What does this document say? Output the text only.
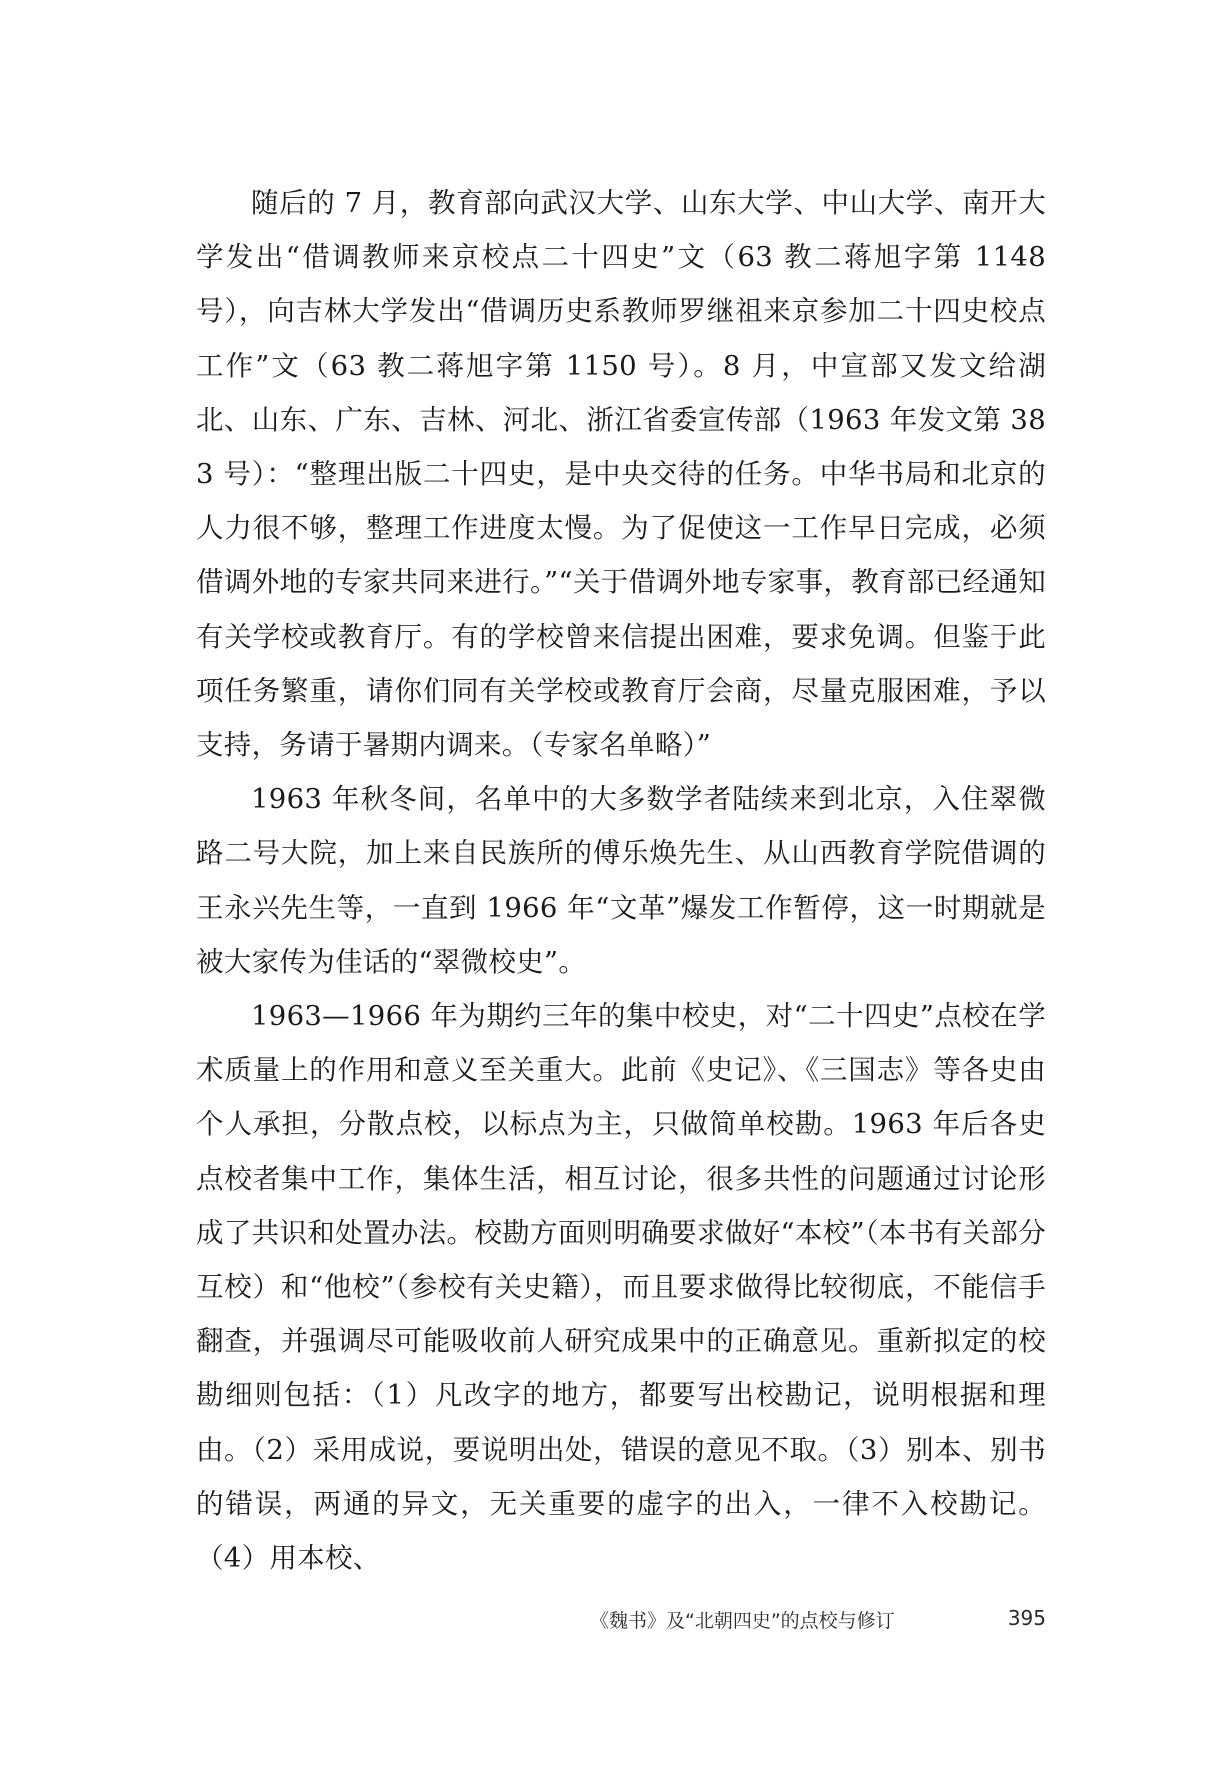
随后的 7 月，教育部向武汉大学、山东大学、中山大学、南开大学发出“借调教师来京校点二十四史”文（63 教二蒋旭字第 1148 号），向吉林大学发出“借调历史系教师罗继祖来京参加二十四史校点工作”文（63 教二蒋旭字第 1150 号）。8 月，中宣部又发文给湖北、山东、广东、吉林、河北、浙江省委宣传部（1963 年发文第 383 号）：“整理出版二十四史，是中央交待的任务。中华书局和北京的人力很不够，整理工作进度太慢。为了促使这一工作早日完成，必须借调外地的专家共同来进行。”“关于借调外地专家事，教育部已经通知有关学校或教育厅。有的学校曾来信提出困难，要求免调。但鉴于此项任务繁重，请你们同有关学校或教育厅会商，尽量克服困难，予以支持，务请于暑期内调来。（专家名单略）”

1963 年秋冬间，名单中的大多数学者陆续来到北京，入住翠微路二号大院，加上来自民族所的傅乐焕先生、从山西教育学院借调的王永兴先生等，一直到 1966 年“文革”爆发工作暂停，这一时期就是被大家传为佳话的“翠微校史”。

1963—1966 年为期约三年的集中校史，对“二十四史”点校在学术质量上的作用和意义至关重大。此前《史记》、《三国志》等各史由个人承担，分散点校，以标点为主，只做简单校勘。1963 年后各史点校者集中工作，集体生活，相互讨论，很多共性的问题通过讨论形成了共识和处置办法。校勘方面则明确要求做好“本校”（本书有关部分互校）和“他校”（参校有关史籍），而且要求做得比较彻底，不能信手翻查，并强调尽可能吸收前人研究成果中的正确意见。重新拟定的校勘细则包括：（1）凡改字的地方，都要写出校勘记，说明根据和理由。（2）采用成说，要说明出处，错误的意见不取。（3）别本、别书的错误，两通的异文，无关重要的虚字的出入，一律不入校勘记。（4）用本校、

《魏书》及“北朝四史”的点校与修订	395
